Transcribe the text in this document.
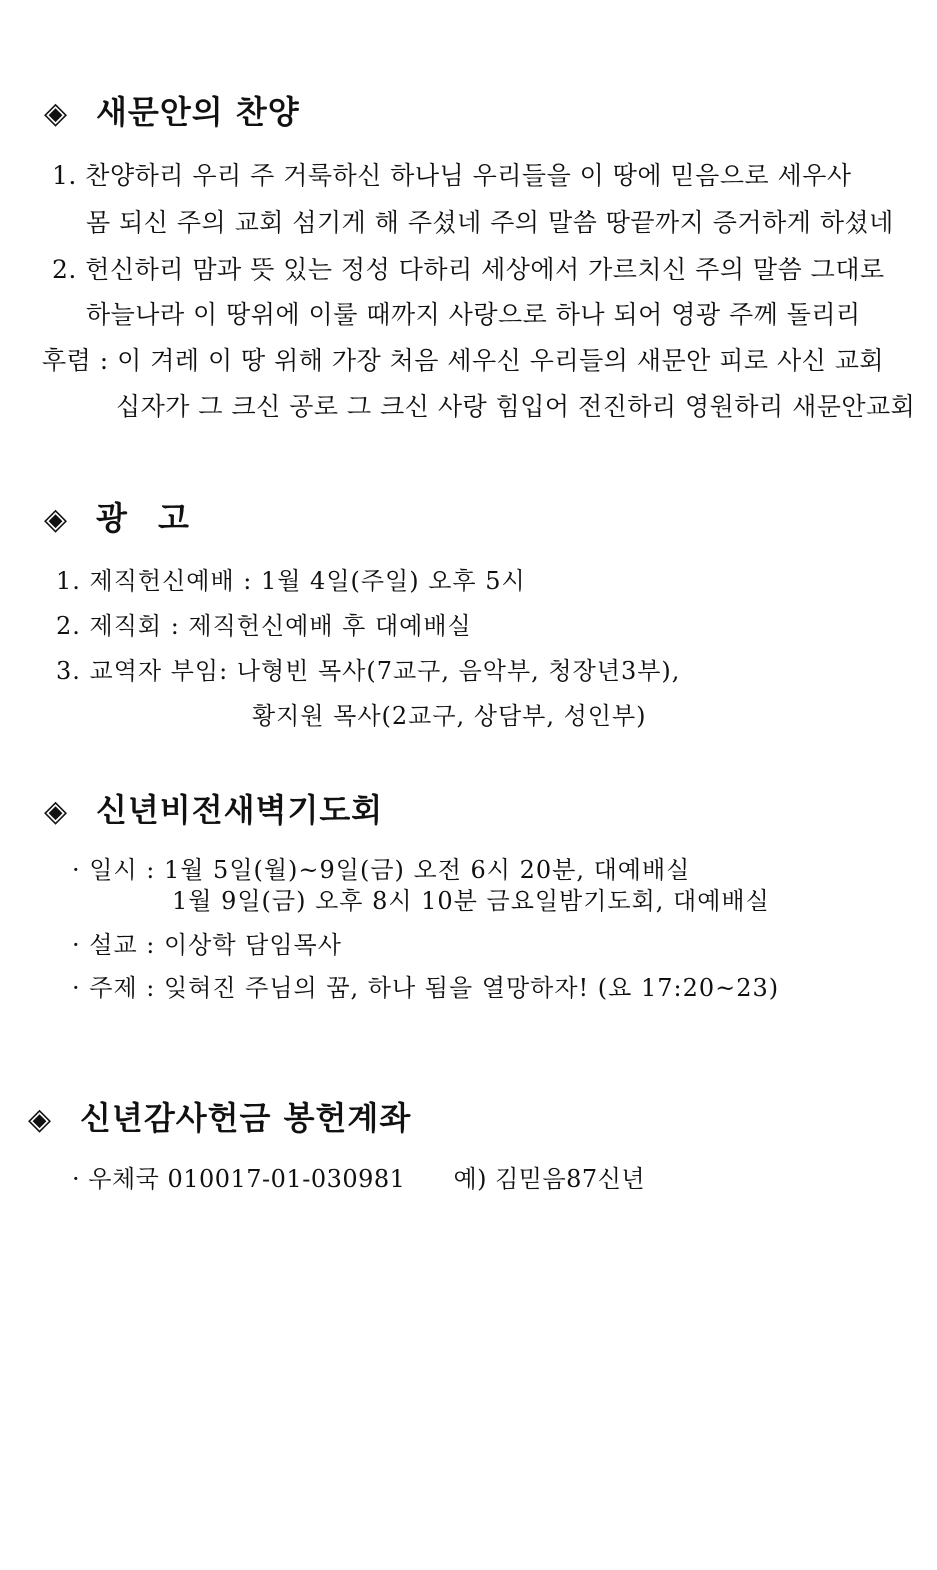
◈ 새문안의 찬양
1. 찬양하리 우리 주 거룩하신 하나님 우리들을 이 땅에 믿음으로 세우사
몸 되신 주의 교회 섬기게 해 주셨네 주의 말씀 땅끝까지 증거하게 하셨네
2. 헌신하리 맘과 뜻 있는 정성 다하리 세상에서 가르치신 주의 말씀 그대로
하늘나라 이 땅위에 이룰 때까지 사랑으로 하나 되어 영광 주께 돌리리
후렴 : 이 겨레 이 땅 위해 가장 처음 세우신 우리들의 새문안 피로 사신 교회
십자가 그 크신 공로 그 크신 사랑 힘입어 전진하리 영원하리 새문안교회
◈ 광 고
1. 제직헌신예배 : 1월 4일(주일) 오후 5시
2. 제직회 : 제직헌신예배 후 대예배실
3. 교역자 부임: 나형빈 목사(7교구, 음악부, 청장년3부),
황지원 목사(2교구, 상담부, 성인부)
◈ 신년비전새벽기도회
· 일시 : 1월 5일(월)~9일(금) 오전 6시 20분, 대예배실
1월 9일(금) 오후 8시 10분 금요일밤기도회, 대예배실
· 설교 : 이상학 담임목사
· 주제 : 잊혀진 주님의 꿈, 하나 됨을 열망하자! (요 17:20~23)
◈ 신년감사헌금 봉헌계좌
· 우체국 010017-01-030981 예) 김믿음87신년
